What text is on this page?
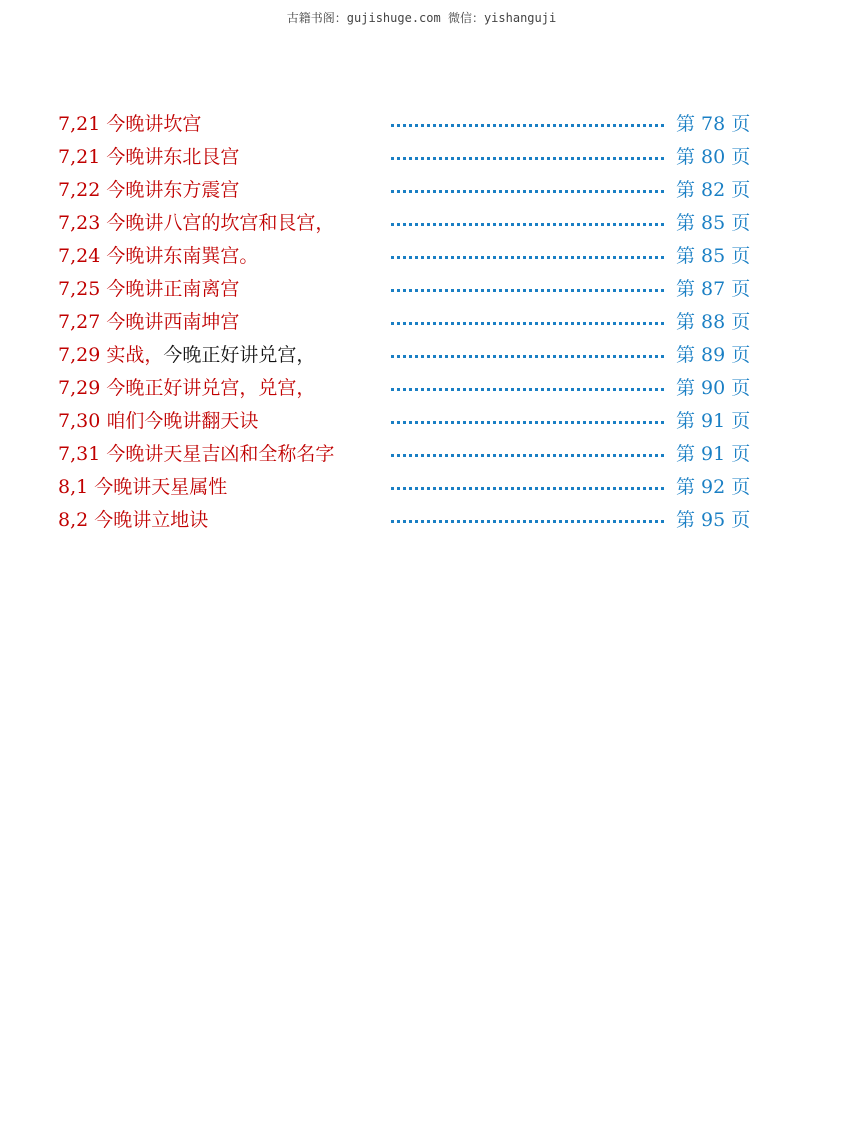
古籍书阁：gujishuge.com 微信：yishanguji
7,21 今晚讲坎宫	第 78 页
7,21 今晚讲东北艮宫	第 80 页
7,22 今晚讲东方震宫	第 82 页
7,23 今晚讲八宫的坎宫和艮宫，	第 85 页
7,24 今晚讲东南巽宫。	第 85 页
7,25 今晚讲正南离宫	第 87 页
7,27 今晚讲西南坤宫	第 88 页
7,29 实战，今晚正好讲兑宫，	第 89 页
7,29 今晚正好讲兑宫，兑宫，	第 90 页
7,30 咱们今晚讲翻天诀	第 91 页
7,31 今晚讲天星吉凶和全称名字	第 91 页
8,1 今晚讲天星属性	第 92 页
8,2 今晚讲立地诀	第 95 页
